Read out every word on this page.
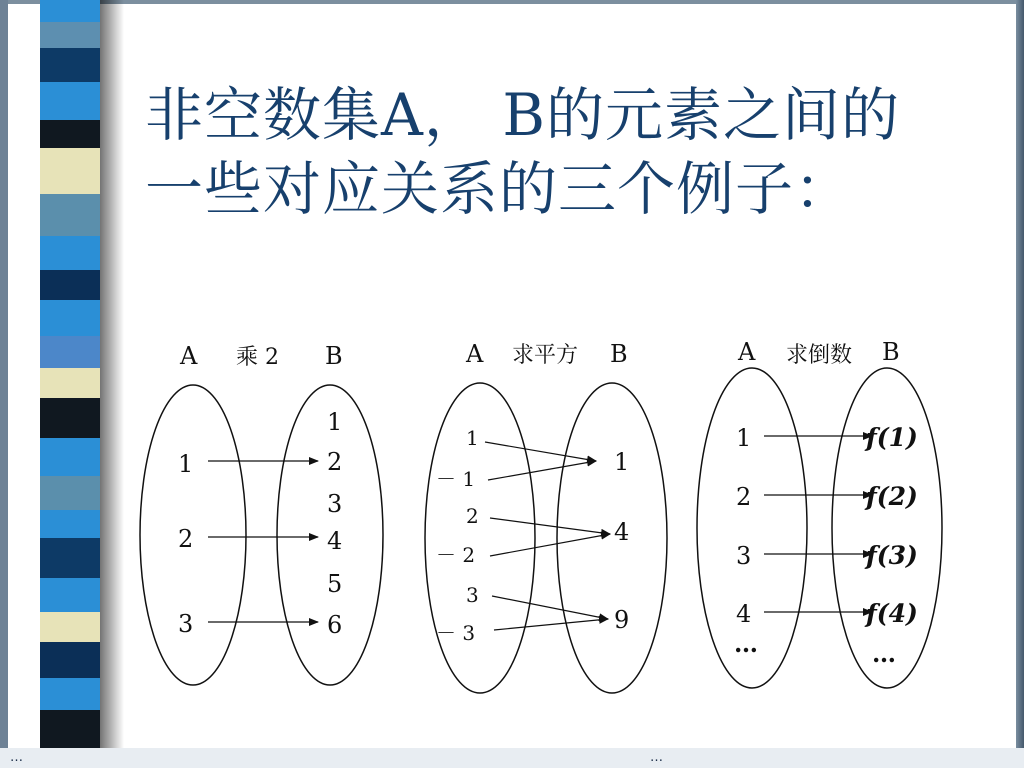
非空数集A， B的元素之间的
一些对应关系的三个例子：
A 乘 2 B
1
2
3
1
2
3
4
5
6
A 求平方 B
1
－ 1
2
－ 2
3
－ 3
1
4
9
A 求倒数 B
1
2
3
4
…
f(1)
f(2)
f(3)
f(4)
…
…	…
